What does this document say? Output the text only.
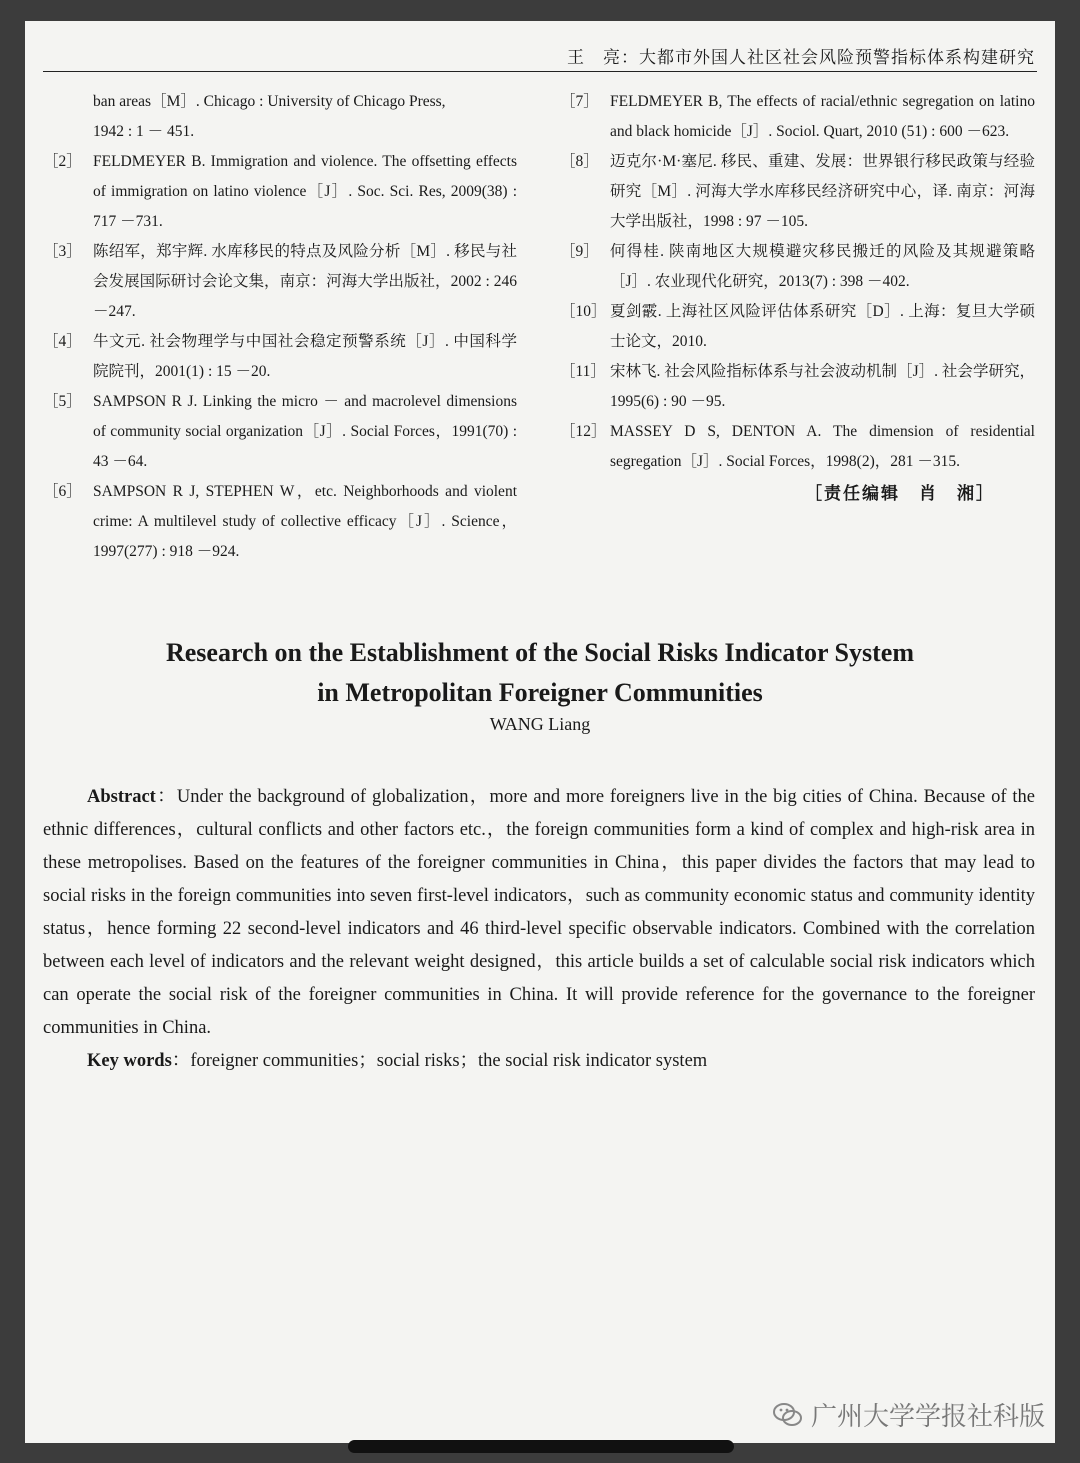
王　亮：大都市外国人社区社会风险预警指标体系构建研究
ban areas［M］. Chicago : University of Chicago Press,
1942 : 1 － 451.
［2］ FELDMEYER B. Immigration and violence. The offsetting effects of immigration on latino violence［J］. Soc. Sci. Res, 2009(38) : 717 －731.
［3］ 陈绍军，郑宇辉. 水库移民的特点及风险分析［M］. 移民与社会发展国际研讨会论文集，南京：河海大学出版社，2002 : 246 －247.
［4］ 牛文元. 社会物理学与中国社会稳定预警系统［J］. 中国科学院院刊，2001(1) : 15 －20.
［5］ SAMPSON R J. Linking the micro － and macrolevel dimensions of community social organization［J］. Social Forces，1991(70) : 43 －64.
［6］ SAMPSON R J, STEPHEN W，etc. Neighborhoods and violent crime: A multilevel study of collective efficacy［J］. Science，1997(277) : 918 －924.
［7］ FELDMEYER B, The effects of racial/ethnic segregation on latino and black homicide［J］. Sociol. Quart, 2010 (51) : 600 －623.
［8］ 迈克尔·M·塞尼. 移民、重建、发展：世界银行移民政策与经验研究［M］. 河海大学水库移民经济研究中心，译. 南京：河海大学出版社，1998 : 97 －105.
［9］ 何得桂. 陕南地区大规模避灾移民搬迁的风险及其规避策略［J］. 农业现代化研究，2013(7) : 398 －402.
［10］ 夏剑霰. 上海社区风险评估体系研究［D］. 上海：复旦大学硕士论文，2010.
［11］ 宋林飞. 社会风险指标体系与社会波动机制［J］. 社会学研究，1995(6) : 90 －95.
［12］ MASSEY D S, DENTON A. The dimension of residential segregation［J］. Social Forces，1998(2)，281 －315.
［责任编辑　肖　湘］
Research on the Establishment of the Social Risks Indicator System
in Metropolitan Foreigner Communities
WANG Liang

Abstract：Under the background of globalization，more and more foreigners live in the big cities of China. Because of the ethnic differences，cultural conflicts and other factors etc.，the foreign communities form a kind of complex and high-risk area in these metropolises. Based on the features of the foreigner communities in China，this paper divides the factors that may lead to social risks in the foreign communities into seven first-level indicators，such as community economic status and community identity status，hence forming 22 second-level indicators and 46 third-level specific observable indicators. Combined with the correlation between each level of indicators and the relevant weight designed，this article builds a set of calculable social risk indicators which can operate the social risk of the foreigner communities in China. It will provide reference for the governance to the foreigner communities in China.

Key words：foreigner communities；social risks；the social risk indicator system

广州大学学报社科版
